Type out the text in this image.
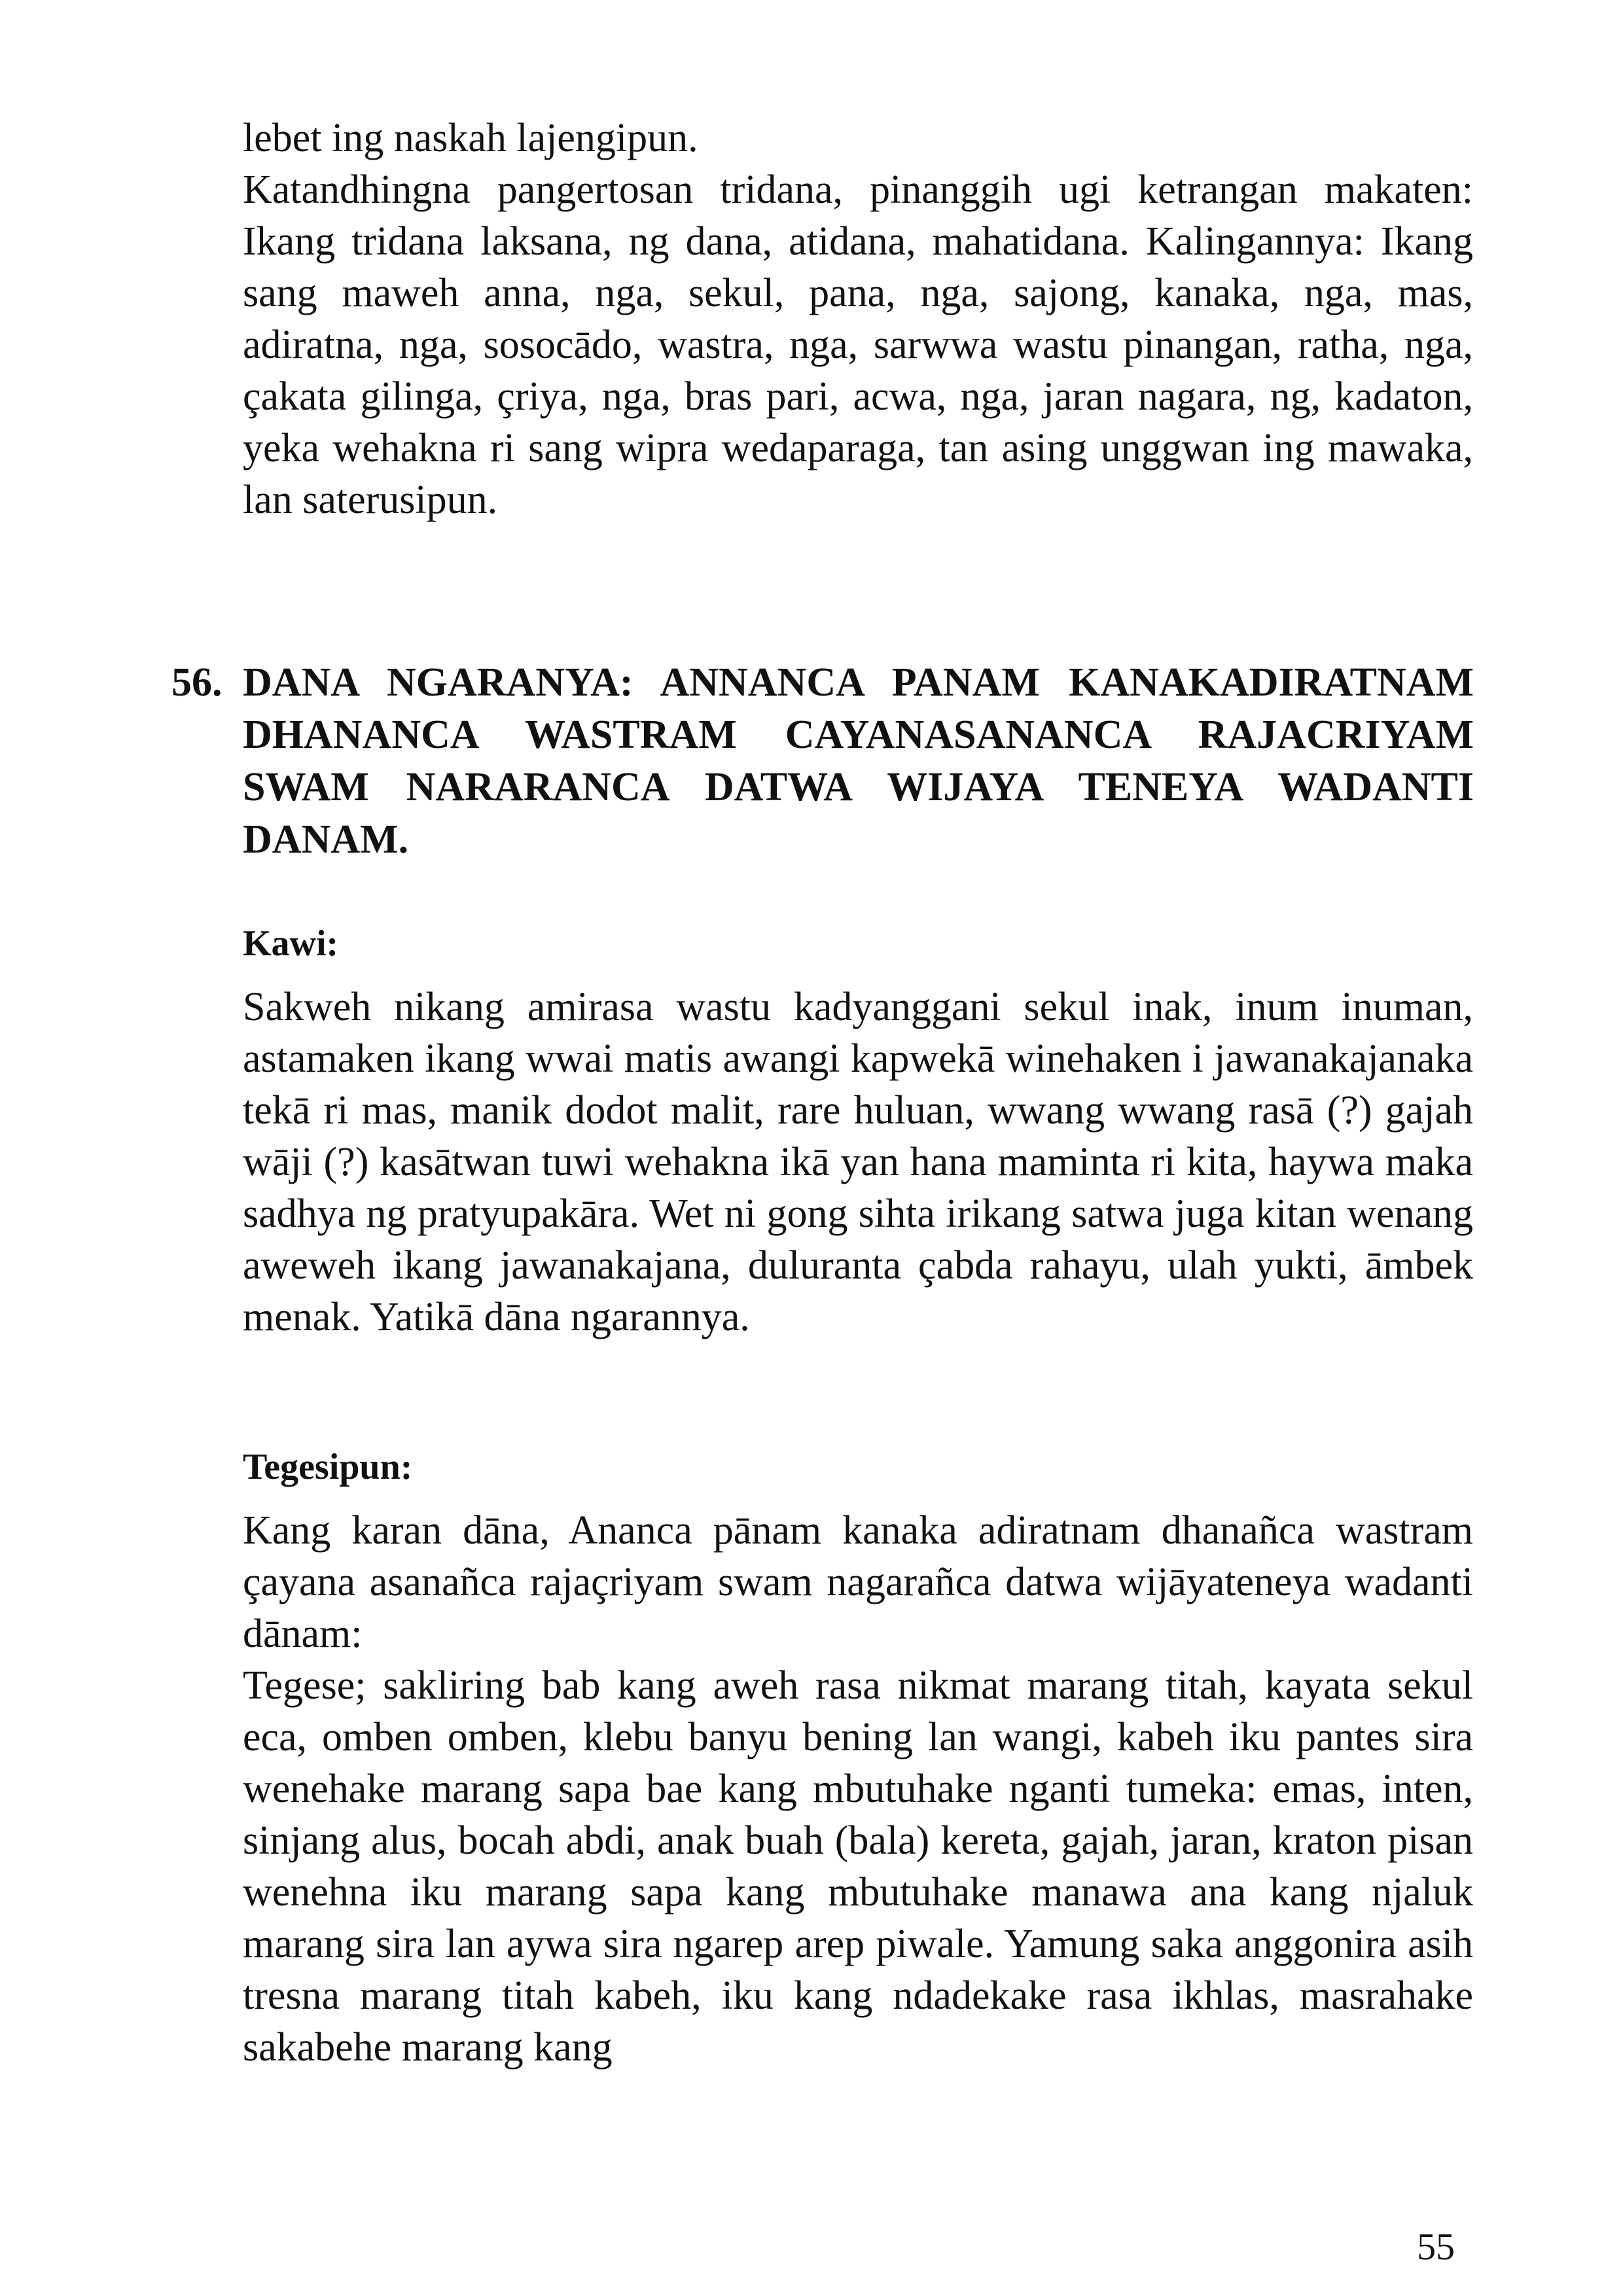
lebet ing naskah lajengipun.
Katandhingna pangertosan tridana, pinanggih ugi ketrangan makaten: Ikang tridana laksana, ng dana, atidana, mahatidana. Kalingannya: Ikang sang maweh anna, nga, sekul, pana, nga, sajong, kanaka, nga, mas, adiratna, nga, sosocādo, wastra, nga, sarwwa wastu pinangan, ratha, nga, çakata gilinga, çriya, nga, bras pari, acwa, nga, jaran nagara, ng, kadaton, yeka wehakna ri sang wipra wedaparaga, tan asing unggwan ing mawaka, lan saterusipun.
56. DANA NGARANYA: ANNANCA PANAM KANAKADIRATNAM DHANANCA WASTRAM CAYANASANANCA RAJACRIYAM SWAM NARARANCA DATWA WIJAYA TENEYA WADANTI DANAM.

Kawi:

Sakweh nikang amirasa wastu kadyanggani sekul inak, inum inuman, astamaken ikang wwai matis awangi kapwekā winehaken i jawanakajanaka tekā ri mas, manik dodot malit, rare huluan, wwang wwang rasā (?) gajah wāji (?) kasātwan tuwi wehakna ikā yan hana maminta ri kita, haywa maka sadhya ng pratyupakāra. Wet ni gong sihta irikang satwa juga kitan wenang aweweh ikang jawanakajana, duluranta çabda rahayu, ulah yukti, āmbek menak. Yatikā dāna ngarannya.

Tegesipun:

Kang karan dāna, Ananca pānam kanaka adiratnam dhanañca wastram çayana asanañca rajaçriyam swam nagarañca datwa wijāyateneya wadanti dānam:
Tegese; sakliring bab kang aweh rasa nikmat marang titah, kayata sekul eca, omben omben, klebu banyu bening lan wangi, kabeh iku pantes sira wenehake marang sapa bae kang mbutuhake nganti tumeka: emas, inten, sinjang alus, bocah abdi, anak buah (bala) kereta, gajah, jaran, kraton pisan wenehna iku marang sapa kang mbutuhake manawa ana kang njaluk marang sira lan aywa sira ngarep arep piwale. Yamung saka anggonira asih tresna marang titah kabeh, iku kang ndadekake rasa ikhlas, masrahake sakabehe marang kang

55
